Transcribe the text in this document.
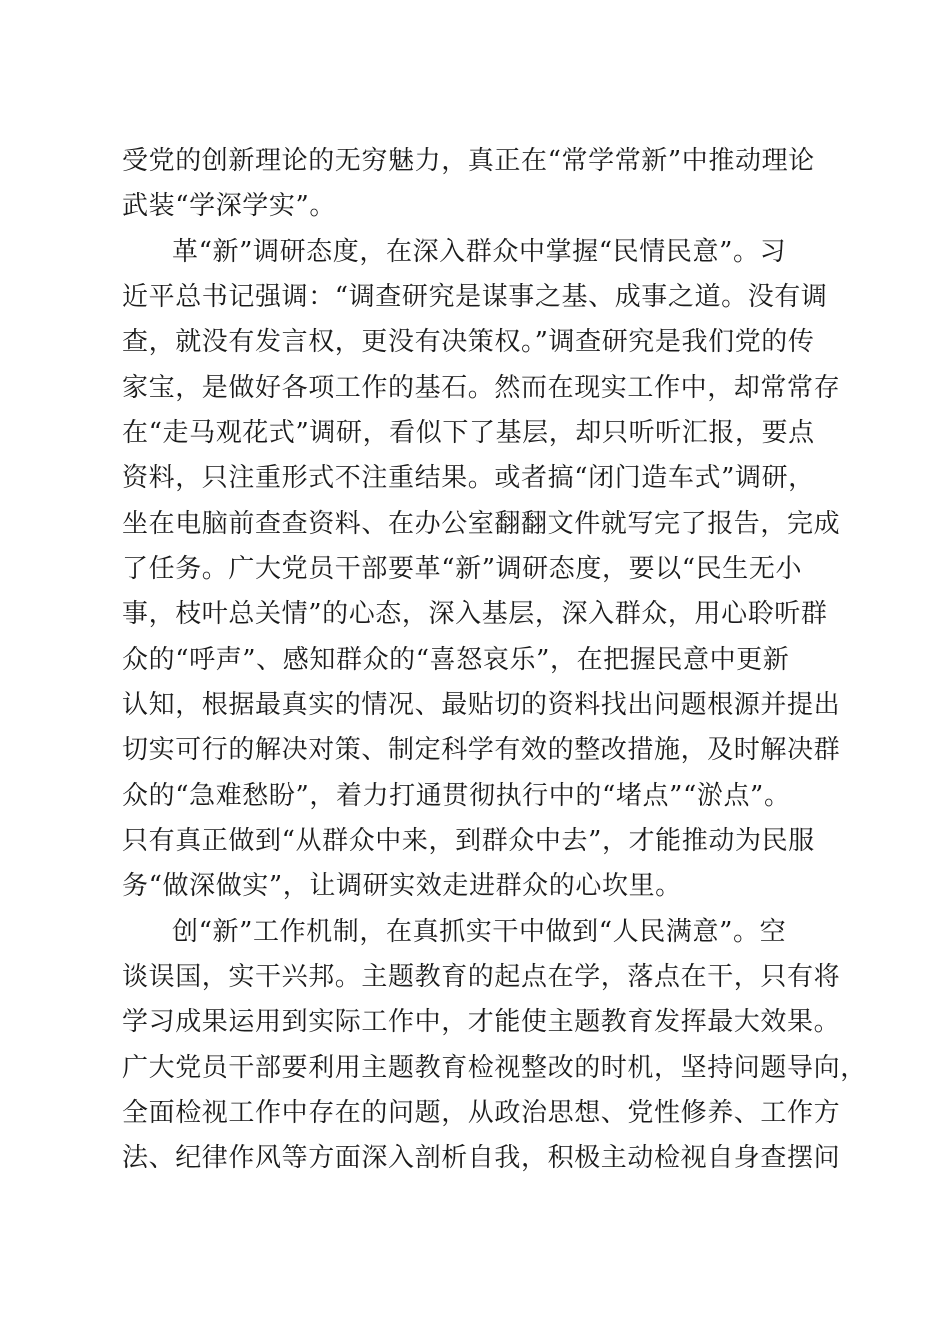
受党的创新理论的无穷魅力，真正在“常学常新”中推动理论
武装“学深学实”。
革“新”调研态度，在深入群众中掌握“民情民意”。习
近平总书记强调：“调查研究是谋事之基、成事之道。没有调
查，就没有发言权，更没有决策权。”调查研究是我们党的传
家宝，是做好各项工作的基石。然而在现实工作中，却常常存
在“走马观花式”调研，看似下了基层，却只听听汇报，要点
资料，只注重形式不注重结果。或者搞“闭门造车式”调研，
坐在电脑前查查资料、在办公室翻翻文件就写完了报告，完成
了任务。广大党员干部要革“新”调研态度，要以“民生无小
事，枝叶总关情”的心态，深入基层，深入群众，用心聆听群
众的“呼声”、感知群众的“喜怒哀乐”，在把握民意中更新
认知，根据最真实的情况、最贴切的资料找出问题根源并提出
切实可行的解决对策、制定科学有效的整改措施，及时解决群
众的“急难愁盼”，着力打通贯彻执行中的“堵点”“淤点”。
只有真正做到“从群众中来，到群众中去”，才能推动为民服
务“做深做实”，让调研实效走进群众的心坎里。
创“新”工作机制，在真抓实干中做到“人民满意”。空
谈误国，实干兴邦。主题教育的起点在学，落点在干，只有将
学习成果运用到实际工作中，才能使主题教育发挥最大效果。
广大党员干部要利用主题教育检视整改的时机，坚持问题导向，
全面检视工作中存在的问题，从政治思想、党性修养、工作方
法、纪律作风等方面深入剖析自我，积极主动检视自身查摆问
